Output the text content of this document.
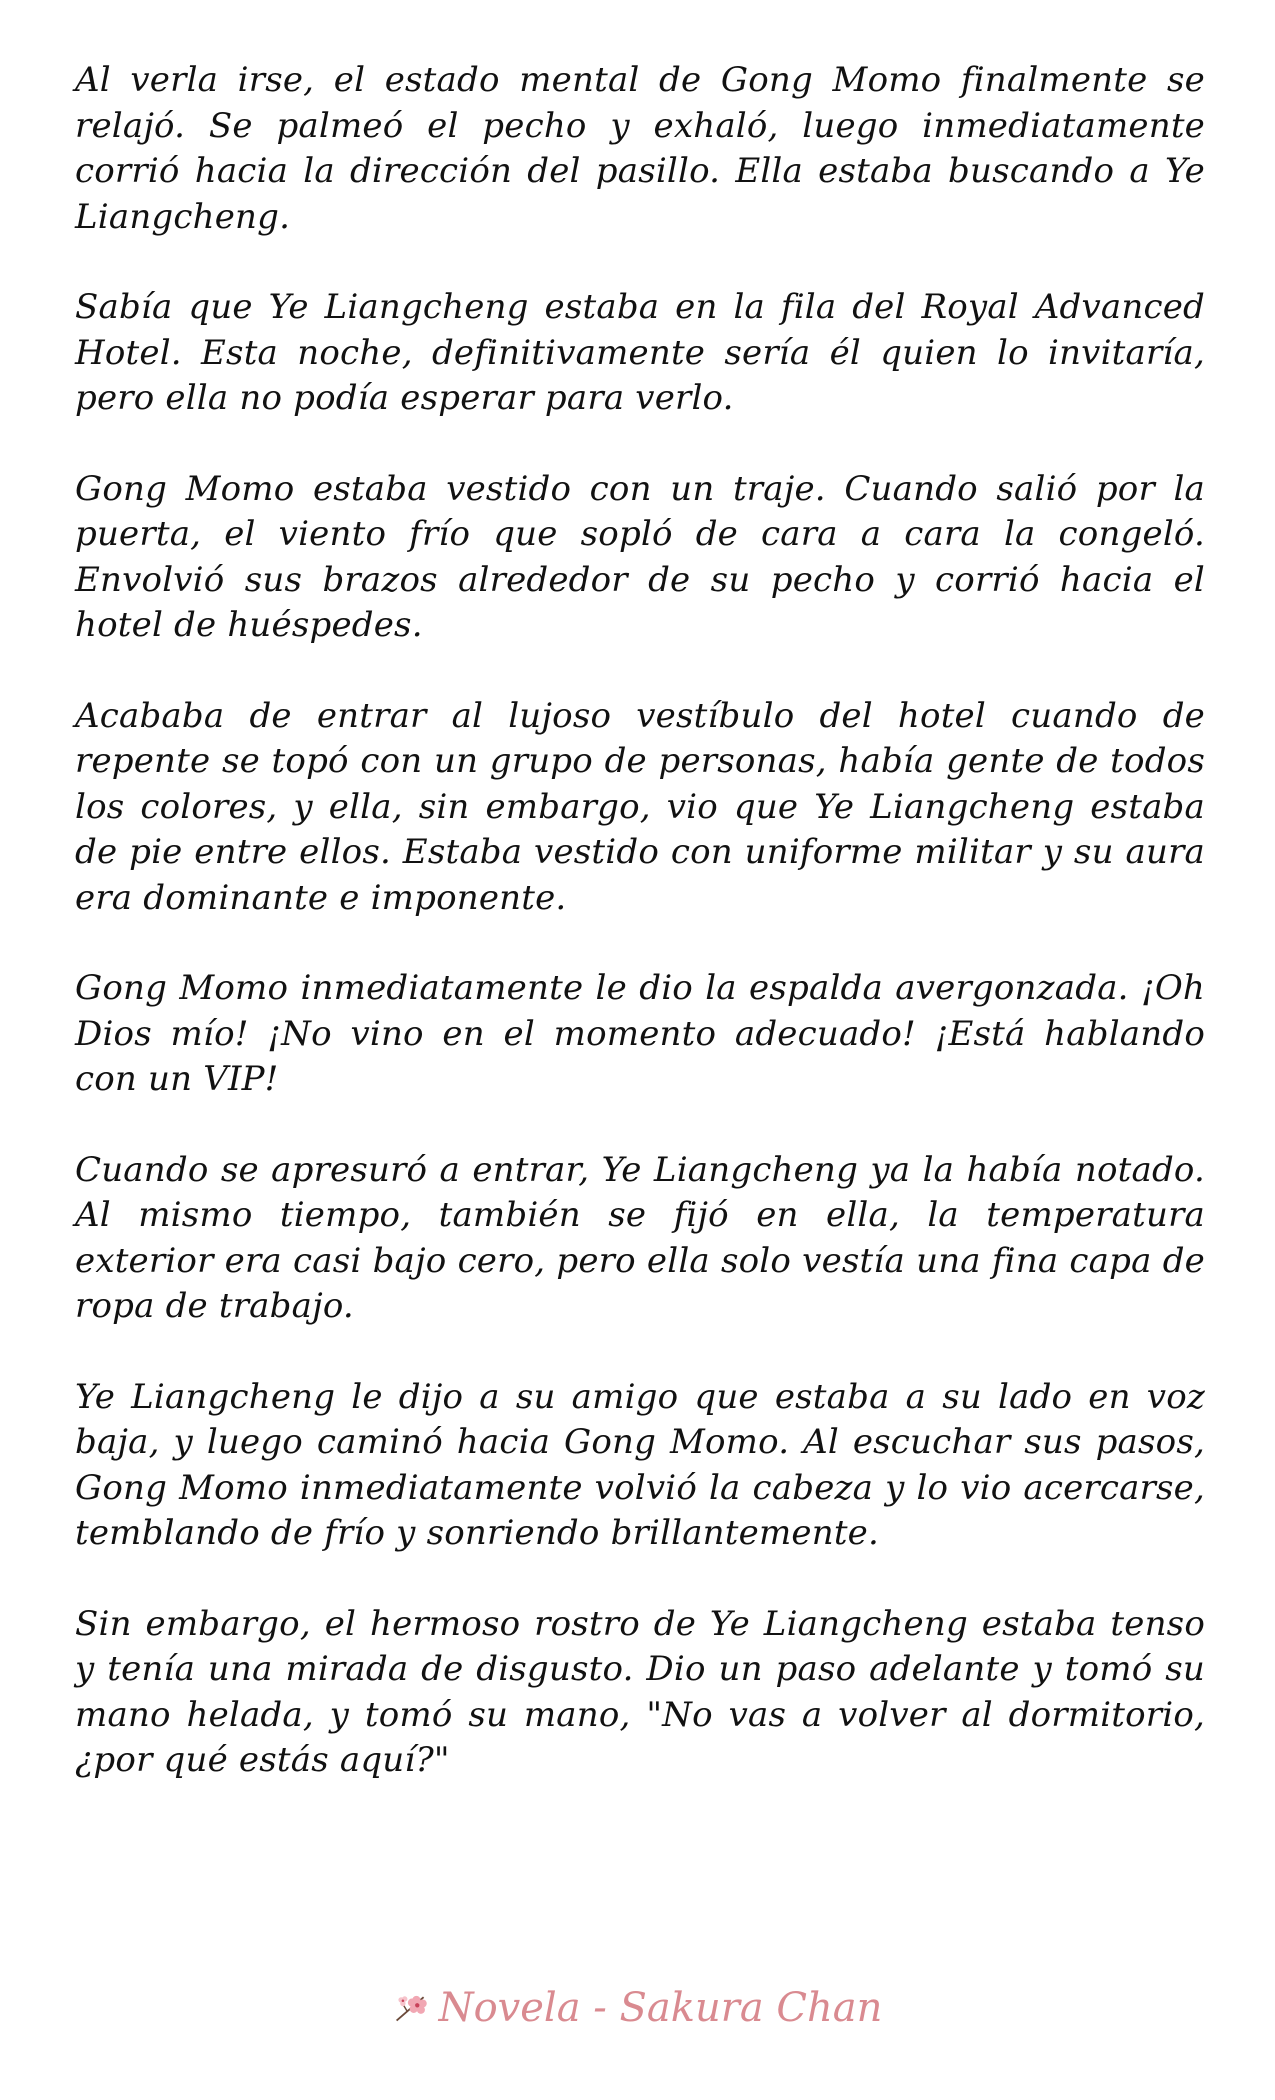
Al verla irse, el estado mental de Gong Momo finalmente se relajó. Se palmeó el pecho y exhaló, luego inmediatamente corrió hacia la dirección del pasillo. Ella estaba buscando a Ye Liangcheng.

Sabía que Ye Liangcheng estaba en la fila del Royal Advanced Hotel. Esta noche, definitivamente sería él quien lo invitaría, pero ella no podía esperar para verlo.

Gong Momo estaba vestido con un traje. Cuando salió por la puerta, el viento frío que sopló de cara a cara la congeló. Envolvió sus brazos alrededor de su pecho y corrió hacia el hotel de huéspedes.

Acababa de entrar al lujoso vestíbulo del hotel cuando de repente se topó con un grupo de personas, había gente de todos los colores, y ella, sin embargo, vio que Ye Liangcheng estaba de pie entre ellos. Estaba vestido con uniforme militar y su aura era dominante e imponente.

Gong Momo inmediatamente le dio la espalda avergonzada. ¡Oh Dios mío! ¡No vino en el momento adecuado! ¡Está hablando con un VIP!

Cuando se apresuró a entrar, Ye Liangcheng ya la había notado. Al mismo tiempo, también se fijó en ella, la temperatura exterior era casi bajo cero, pero ella solo vestía una fina capa de ropa de trabajo.

Ye Liangcheng le dijo a su amigo que estaba a su lado en voz baja, y luego caminó hacia Gong Momo. Al escuchar sus pasos, Gong Momo inmediatamente volvió la cabeza y lo vio acercarse, temblando de frío y sonriendo brillantemente.

Sin embargo, el hermoso rostro de Ye Liangcheng estaba tenso y tenía una mirada de disgusto. Dio un paso adelante y tomó su mano helada, y tomó su mano, "No vas a volver al dormitorio, ¿por qué estás aquí?"

Novela - Sakura Chan
